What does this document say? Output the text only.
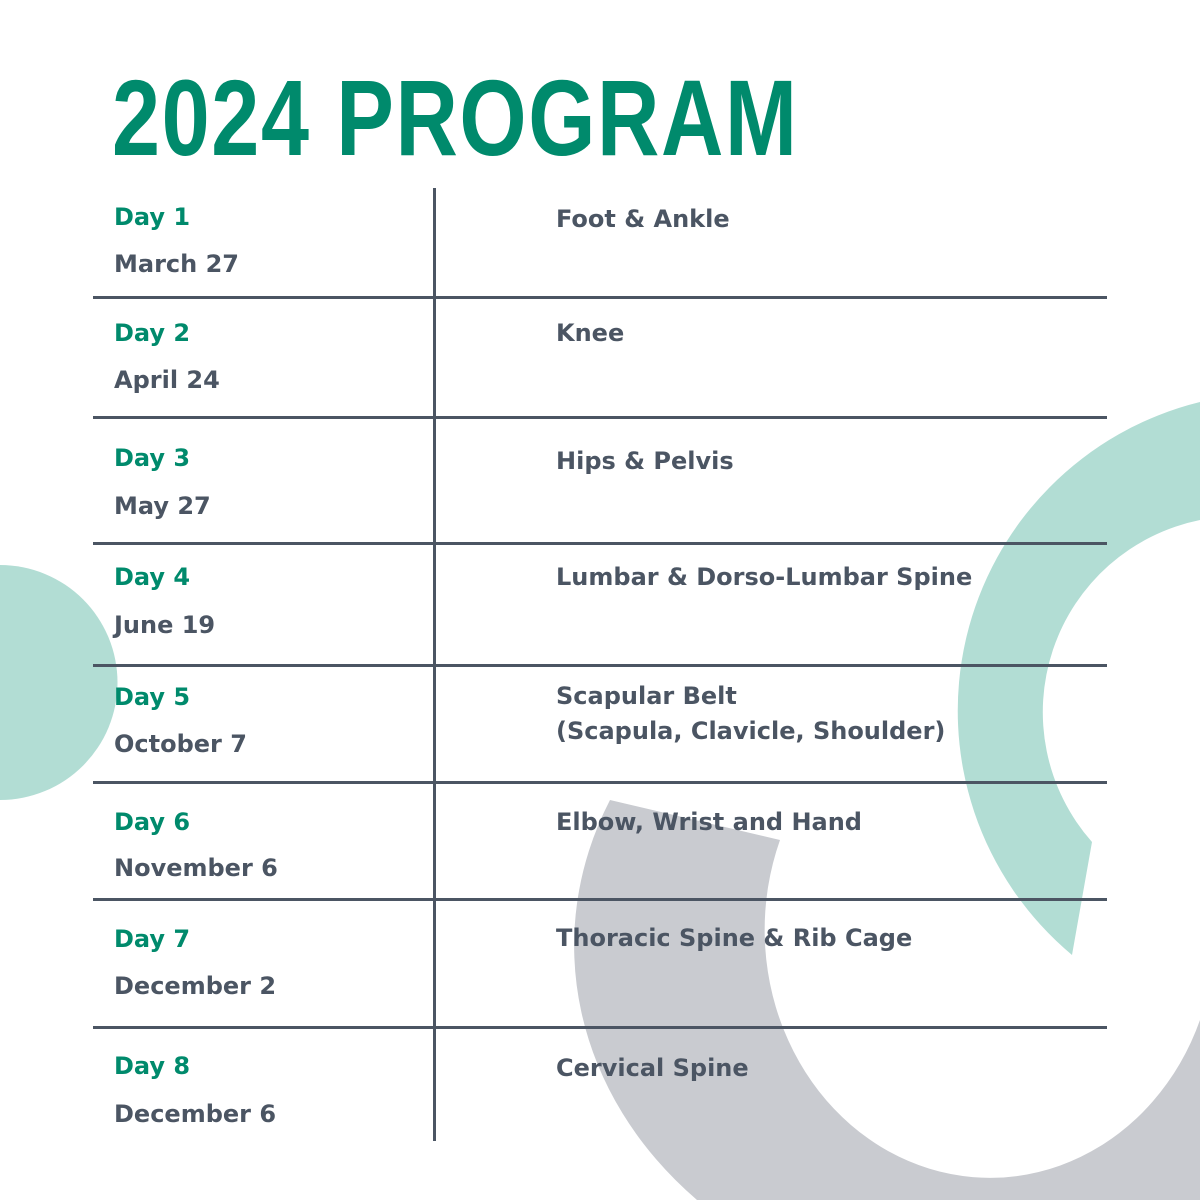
2024 PROGRAM
Day 1
March 27
Foot & Ankle
Day 2
April 24
Knee
Day 3
May 27
Hips & Pelvis
Day 4
June 19
Lumbar & Dorso-Lumbar Spine
Day 5
October 7
Scapular Belt
(Scapula, Clavicle, Shoulder)
Day 6
November 6
Elbow, Wrist and Hand
Day 7
December 2
Thoracic Spine & Rib Cage
Day 8
December 6
Cervical Spine
